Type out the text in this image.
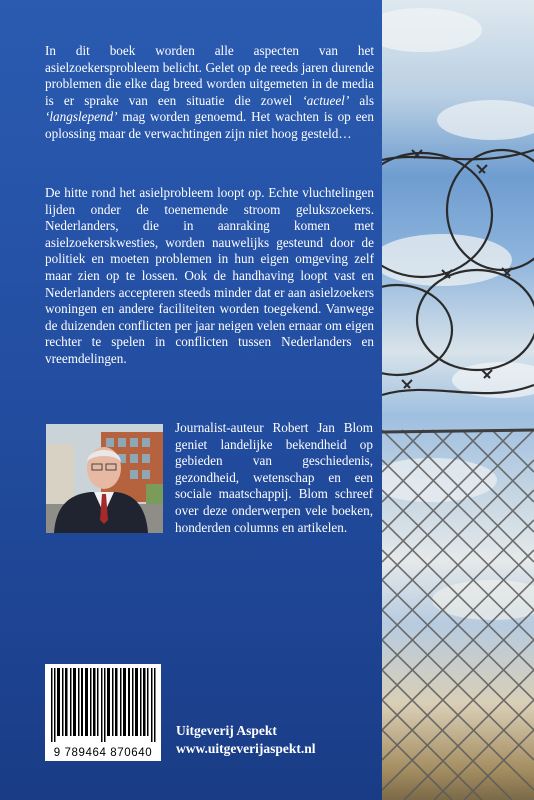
In dit boek worden alle aspecten van het asielzoekersprobleem belicht. Gelet op de reeds jaren durende problemen die elke dag breed worden uitgemeten in de media is er sprake van een situatie die zowel ‘actueel’ als ‘langslepend’ mag worden genoemd. Het wachten is op een oplossing maar de verwachtingen zijn niet hoog gesteld…

De hitte rond het asielprobleem loopt op. Echte vluchtelingen lijden onder de toenemende stroom gelukszoekers. Nederlanders, die in aanraking komen met asielzoekerskwesties, worden nauwelijks gesteund door de politiek en moeten problemen in hun eigen omgeving zelf maar zien op te lossen. Ook de handhaving loopt vast en Nederlanders accepteren steeds minder dat er aan asielzoekers woningen en andere faciliteiten worden toegekend. Vanwege de duizenden conflicten per jaar neigen velen ernaar om eigen rechter te spelen in conflicten tussen Nederlanders en vreemdelingen.

Journalist-auteur Robert Jan Blom geniet landelijke bekendheid op gebieden van geschiedenis, gezondheid, wetenschap en een sociale maatschappij. Blom schreef over deze onderwerpen vele boeken, honderden columns en artikelen.

9 789464 870640
Uitgeverij Aspekt
www.uitgeverijaspekt.nl
